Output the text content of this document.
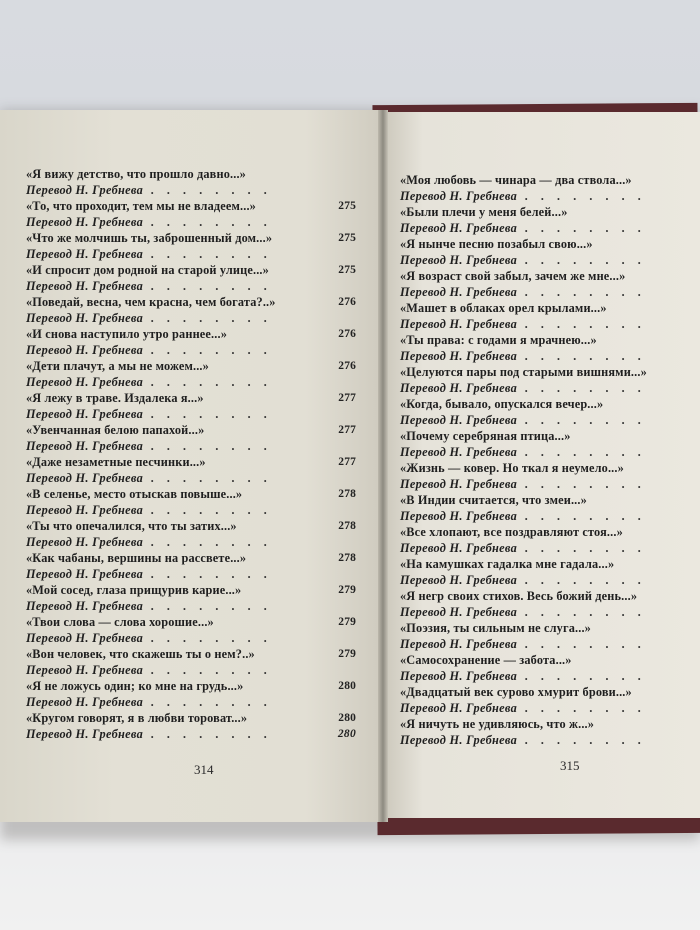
«Я вижу детство, что прошло давно...»
Перевод Н. Гребнева . . . . . . . .
«То, что проходит, тем мы не владеем...»	275
Перевод Н. Гребнева . . . . . . . .
«Что же молчишь ты, заброшенный дом...»	275
Перевод Н. Гребнева . . . . . . . .
«И спросит дом родной на старой улице...»	275
Перевод Н. Гребнева . . . . . . . .
«Поведай, весна, чем красна, чем богата?..»	276
Перевод Н. Гребнева . . . . . . . .
«И снова наступило утро раннее...»	276
Перевод Н. Гребнева . . . . . . . .
«Дети плачут, а мы не можем...»	276
Перевод Н. Гребнева . . . . . . . .
«Я лежу в траве. Издалека я...»	277
Перевод Н. Гребнева . . . . . . . .
«Увенчанная белою папахой...»	277
Перевод Н. Гребнева . . . . . . . .
«Даже незаметные песчинки...»	277
Перевод Н. Гребнева . . . . . . . .
«В селенье, место отыскав повыше...»	278
Перевод Н. Гребнева . . . . . . . .
«Ты что опечалился, что ты затих...»	278
Перевод Н. Гребнева . . . . . . . .
«Как чабаны, вершины на рассвете...»	278
Перевод Н. Гребнева . . . . . . . .
«Мой сосед, глаза прищурив карие...»	279
Перевод Н. Гребнева . . . . . . . .
«Твои слова — слова хорошие...»	279
Перевод Н. Гребнева . . . . . . . .
«Вон человек, что скажешь ты о нем?..»	279
Перевод Н. Гребнева . . . . . . . .
«Я не ложусь один; ко мне на грудь...»	280
Перевод Н. Гребнева . . . . . . . .
«Кругом говорят, я в любви тороват...»	280
Перевод Н. Гребнева . . . . . . . .	280
«Моя любовь — чинара — два ствола...»
Перевод Н. Гребнева . . . . . . . .
«Были плечи у меня белей...»
Перевод Н. Гребнева . . . . . . . .
«Я нынче песню позабыл свою...»
Перевод Н. Гребнева . . . . . . . .
«Я возраст свой забыл, зачем же мне...»
Перевод Н. Гребнева . . . . . . . .
«Машет в облаках орел крылами...»
Перевод Н. Гребнева . . . . . . . .
«Ты права: с годами я мрачнею...»
Перевод Н. Гребнева . . . . . . . .
«Целуются пары под старыми вишнями...»
Перевод Н. Гребнева . . . . . . . .
«Когда, бывало, опускался вечер...»
Перевод Н. Гребнева . . . . . . . .
«Почему серебряная птица...»
Перевод Н. Гребнева . . . . . . . .
«Жизнь — ковер. Но ткал я неумело...»
Перевод Н. Гребнева . . . . . . . .
«В Индии считается, что змеи...»
Перевод Н. Гребнева . . . . . . . .
«Все хлопают, все поздравляют стоя...»
Перевод Н. Гребнева . . . . . . . .
«На камушках гадалка мне гадала...»
Перевод Н. Гребнева . . . . . . . .
«Я негр своих стихов. Весь божий день...»
Перевод Н. Гребнева . . . . . . . .
«Поэзия, ты сильным не слуга...»
Перевод Н. Гребнева . . . . . . . .
«Самосохранение — забота...»
Перевод Н. Гребнева . . . . . . . .
«Двадцатый век сурово хмурит брови...»
Перевод Н. Гребнева . . . . . . . .
«Я ничуть не удивляюсь, что ж...»
Перевод Н. Гребнева . . . . . . . .
314	315
